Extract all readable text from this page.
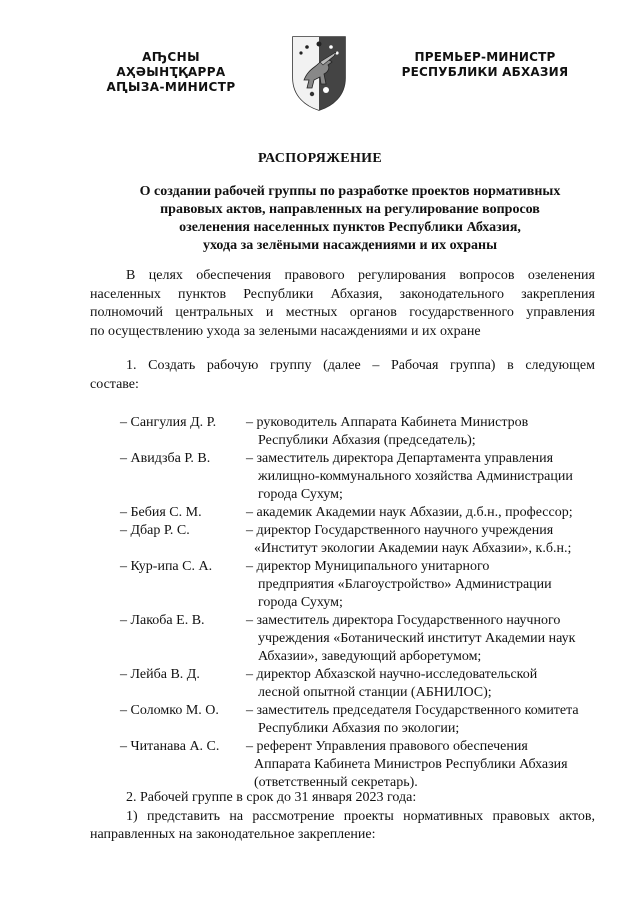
АҦСНЫ АҲӘЫНҬҚАРРА
АԤЫЗА-МИНИСТР
ПРЕМЬЕР-МИНИСТР
РЕСПУБЛИКИ АБХАЗИЯ
РАСПОРЯЖЕНИЕ
О создании рабочей группы по разработке проектов нормативных
правовых актов, направленных на регулирование вопросов
озеленения населенных пунктов Республики Абхазия,
ухода за зелёными насаждениями и их охраны
В целях обеспечения правового регулирования вопросов озеленения
населенных пунктов Республики Абхазия, законодательного закрепления
полномочий центральных и местных органов государственного управления
по осуществлению ухода за зелеными насаждениями и их охране
1. Создать рабочую группу (далее – Рабочая группа) в следующем
составе:
– Сангулия Д. Р.	– руководитель Аппарата Кабинета Министров
Республики Абхазия (председатель);
– Авидзба Р. В.	– заместитель директора Департамента управления
жилищно-коммунального хозяйства Администрации
города Сухум;
– Бебия С. М.	– академик Академии наук Абхазии, д.б.н., профессор;
– Дбар Р. С.	– директор Государственного научного учреждения
«Институт экологии Академии наук Абхазии», к.б.н.;
– Кур-ипа С. А.	– директор Муниципального унитарного
предприятия «Благоустройство» Администрации
города Сухум;
– Лакоба Е. В.	– заместитель директора Государственного научного
учреждения «Ботанический институт Академии наук
Абхазии», заведующий арборетумом;
– Лейба В. Д.	– директор Абхазской научно-исследовательской
лесной опытной станции (АБНИЛОС);
– Соломко М. О.	– заместитель председателя Государственного комитета
Республики Абхазия по экологии;
– Читанава А. С.	– референт Управления правового обеспечения
Аппарата Кабинета Министров Республики Абхазия
(ответственный секретарь).
2. Рабочей группе в срок до 31 января 2023 года:
1) представить на рассмотрение проекты нормативных правовых актов,
направленных на законодательное закрепление:
